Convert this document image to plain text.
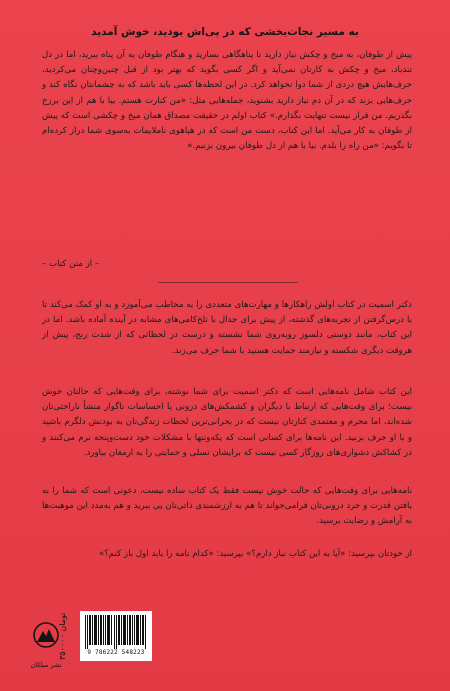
به مسیر نجات‌بخشی که در پی‌اش بودید، خوش آمدید
پیش از طوفان، به میخ و چکش نیاز دارید تا پناهگاهی بسازید و هنگام طوفان به آن پناه ببرید، اما در دل تندباد، میخ و چکش به کارتان نمی‌آید و اگر کسی بگوید که بهتر بود از قبل چنین‌وچنان می‌کردید، حرف‌هایش هیچ دردی از شما دوا نخواهد کرد. در این لحظه‌ها کسی باید باشد که به چشمانتان نگاه کند و حرف‌هایی بزند که در آن دم نیاز دارید بشنوید، جمله‌هایی مثل: «من کنارت هستم. بیا با هم از این برزخ بگذریم. من قرار نیست تنهایت بگذارم.» کتاب اولم در حقیقت مصداق همان میخ و چکشی است که پیش از طوفان به کار می‌آید. اما این کتاب، دست من است که در هیاهوی ناملایمات به‌سوی شما دراز کرده‌ام تا بگویم: «من راه را بلدم. بیا با هم از دل طوفان بیرون بزنیم.»
– از متن کتاب –
دکتر اسمیت در کتاب اولش راهکارها و مهارت‌های متعددی را به مخاطب می‌آموزد و به او کمک می‌کند تا با درس‌گرفتن از تجربه‌های گذشته، از پیش برای جدال با تلخ‌کامی‌های مشابه در آینده آماده باشد. اما در این کتاب، مانند دوستی دلسوز روبه‌روی شما نشسته و درست در لحظاتی که از شدت رنج، پیش از هروقت دیگری شکسته و نیازمند حمایت هستید با شما حرف می‌زند.
این کتاب شامل نامه‌هایی است که دکتر اسمیت برای شما نوشته، برای وقت‌هایی که حالتان خوش نیست؛ برای وقت‌هایی که ارتباط با دیگران و کشمکش‌های درونی یا احساسات ناگوار منشأ ناراحتی‌تان شده‌اند، اما محرم و معتمدی کنارتان نیست که در بحرانی‌ترین لحظات زندگی‌تان به بودنش دلگرم باشید و با او حرف بزنید. این نامه‌ها برای کسانی است که یکه‌وتنها با مشکلات خود دست‌وپنجه نرم می‌کنند و در کشاکش دشواری‌های روزگار کسی نیست که برایشان تسلی و حمایتی را به ارمغان بیاورد.
نامه‌هایی برای وقت‌هایی که حالت خوش نیست فقط یک کتاب ساده نیست، دعوتی است که شما را به یافتن قدرت و خرد درونی‌تان فرامی‌خواند تا هم به ارزشمندی ذاتی‌تان پی ببرید و هم به‌مدد این موهبت‌ها به آرامش و رضایت برسید.
از خودتان بپرسید: «آیا به این کتاب نیاز دارم؟» بپرسید: «کدام نامه را باید اول باز کنم؟»
۳۵۰۰۰۰ تومان
9 786222 548223
نشر میلکان
